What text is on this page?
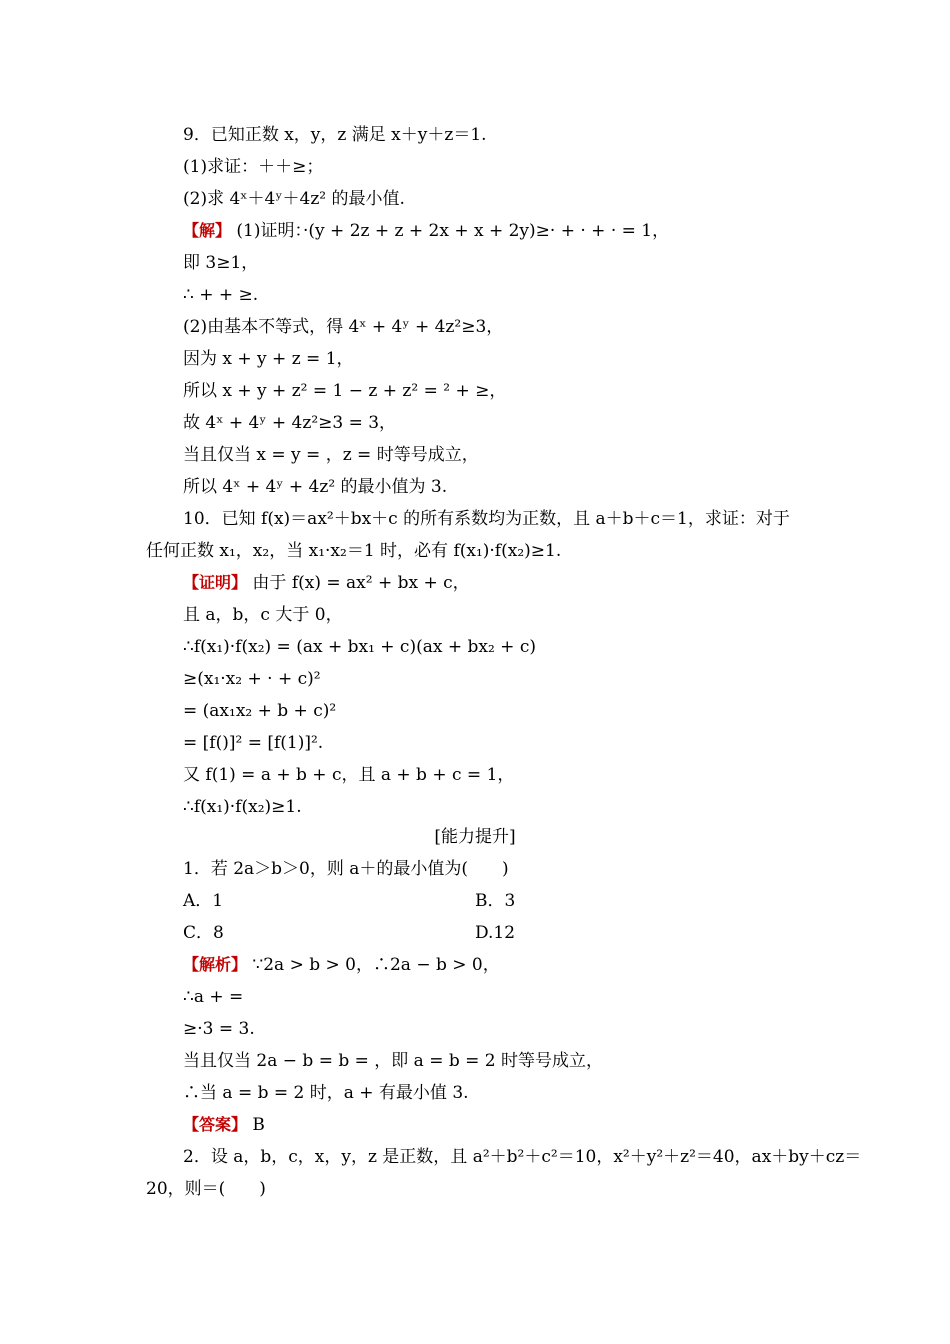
9．已知正数 x，y，z 满足 x＋y＋z＝1.
(1)求证：＋＋≥；
(2)求 4ˣ＋4ʸ＋4z² 的最小值.
【解】 (1)证明：·(y + 2z + z + 2x + x + 2y)≥· + · + · = 1，
即 3≥1，
∴ + + ≥.
(2)由基本不等式，得 4ˣ + 4ʸ + 4z²≥3，
因为 x + y + z = 1，
所以 x + y + z² = 1 − z + z² = ² + ≥，
故 4ˣ + 4ʸ + 4z²≥3 = 3，
当且仅当 x = y = ，z = 时等号成立，
所以 4ˣ + 4ʸ + 4z² 的最小值为 3.
10．已知 f(x)＝ax²＋bx＋c 的所有系数均为正数，且 a＋b＋c＝1，求证：对于
任何正数 x₁，x₂，当 x₁·x₂＝1 时，必有 f(x₁)·f(x₂)≥1.
【证明】 由于 f(x) = ax² + bx + c，
且 a，b，c 大于 0，
∴f(x₁)·f(x₂) = (ax + bx₁ + c)(ax + bx₂ + c)
≥(x₁·x₂ + · + c)²
= (ax₁x₂ + b + c)²
= [f()]² = [f(1)]².
又 f(1) = a + b + c，且 a + b + c = 1，
∴f(x₁)·f(x₂)≥1.
[能力提升]
1．若 2a＞b＞0，则 a＋的最小值为(　　)
A．1	B．3
C．8	D.12
【解析】 ∵2a > b > 0，∴2a − b > 0，
∴a + =
≥·3 = 3.
当且仅当 2a − b = b = ，即 a = b = 2 时等号成立，
∴当 a = b = 2 时，a + 有最小值 3.
【答案】 B
2．设 a，b，c，x，y，z 是正数，且 a²＋b²＋c²＝10，x²＋y²＋z²＝40，ax＋by＋cz＝
20，则＝(　　)
